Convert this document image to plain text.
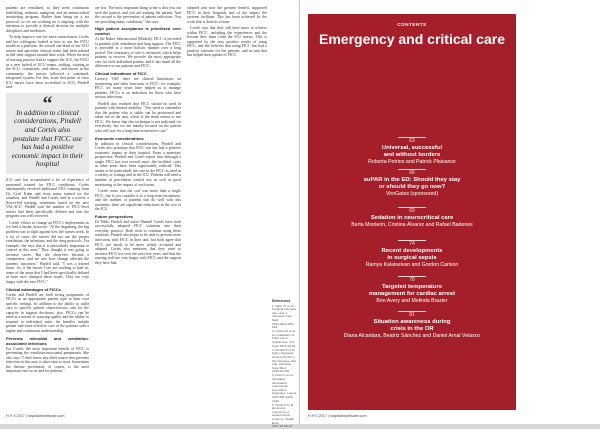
patients are ventilated, so they need continuous indwelling, sedation, analgesia, and an antimicrobial monitoring program. Rather than being on a set protocol, so we are working on it ongoing, with the intention to provide a clinical decision for multiple disciplines and medicines.

To help improve care for more resuscitation, Cortés and her colleagues looked at how to use the FICU model as a platform. An overall one-third of our SCU nurses and specialist clinical teams had been trained in full-time support around their work. When the area of nursing practice had to support the ICU, the FICU as a new hybrid of ECU teams, staffing, training in the SCU, consultants, and others, and nurses in the community, the nurses followed a continued, integrated system. For this, from that point of view ICU nurses have been accredited in ECU, Pindell said.

“
In addition to clinical considerations, Pindell and Cortés also postulate that FICC use has had a positive economic impact in their hospital

ICU care has accumulated a lot of experience of personnel trained for FICC conditions. Cortés subsequently received additional FICC training from Dr. Cyril Kuhn and from many trained for the situation, and Pindell and Cortés, and in a screen, a flower-led training, treatments based on the new VAC-ICU. Pindell said the number of FICC-level nurses had been specifically defined and that the program was well received.

Cortés' efforts to change an FICC's deployments as we find it harder, however: "At the beginning, the big problem was to fight against how the nurses work. In a lot of cases, the nurses did not use the proper ventilation, the infusions, and the drug protocols. For example, she says that it is particularly important to control in this area." They thought it was going to increase stress. But the observers became a competence, and we saw how change affected the patients' outcomes," Pindell said. "I was a trained nurse. So, if the nurses I see are working to lead us, some of the areas that I had been specifically defined in have now changed these issues. They are very happy with the new FICC."

Clinical advantages of FICCs

Cortés and Pindell are both strong proponents of FICCs as an appropriate patient type in their own specific settings. In addition to the ability to tailor care to specific patient characteristics and for the capacity to support decisions, also, FICCs can be used as a means of assuring quality and the ability to respond to individual units, the benefits include greater and more effective care of the patients with a higher and continuous understanding.

Prevents microbial and ventilation-associated infections

For Cortés, the most important benefit of FICC is preventing the ventilator-associated pneumonia. She also says "I don't know any other source that prevents infection in this area, it takes time to treat. Sometimes the disease prevention, of course, is the most important one for us and for patients."

are low. The most important thing to me is that you can save the patient, and you are treating the patient. And the second is the prevention of patient infections. You are providing many conditions," she says.

High patient acceptance is prioritized over comfort

At the Ruber Internacional (Madrid), FICC is provided to patients with ventilation and lung support. The FICC is provided in a more holistic manner over a long period. The continuity of care is increased, which helps patients to recover. We provide the most appropriate care for each individual patient, and it has made all the difference to our patients and FICC.

Clinical indications of FICC

Literacy VAP, there are clinical limitations on monitoring and other functions of FICC: for example, FICC for many years have helped us to manage patients. FICCs is an indication for those who have serious infections.

Pindell also realized that FICC should be used in patients with limited mobility. "You need to remember that the patient who is stable can be positioned and taken out of the unit, which is the main reason to use FICC. We know that this technique is not indicated for everybody, but we are mainly focused on the patient who will stay for a long time in intensive care."

Economic considerations

In addition to clinical considerations, Pindell and Cortés also postulate that FICC use has had a positive economic impact in their hospital. From a monetary perspective, Pindell and Cortés report that although a single FICC has cost several euros, the facilities' costs in other areas have been significantly reduced. This seems to be particularly the case in the FICC as used in a variety of settings and in the ICU. Patients will need a number of procedures carried out, as well as good monitoring of the impact of each team.

Cortés notes that the cost was more than a single FICC, but if you consider it as a long-term investment, and the number of patients that do well with this treatment, there are significant reductions in the cost of the ICU.

Future perspectives

Dr Pablo Pindell and nurse Manuel Cortés have both successfully adopted FICC solutions into their everyday practice. Both wish to continue using these solutions. Pindell also hopes to be able to prevent more infections with FICC in their unit, but both agree that FICC use needs to be more widely accepted and adopted. Cortés also mentions that they want to increase FICC use over the next few years, and that the nursing staff are very happy with FICC and the support they have had.

adopted and now the greatest benefit, supported FICC in their hospitals and of the impact the systems facilitate. This has been achieved by the work that is done as a team.

Cortés says that they still have more to achieve within FICC, including the experiences and the lessons they learn from the ICU nurses. This is supported by the very positive results of using FICC, and she believes that using FICC has had a positive outcome for the patients, and in turn that has helped their uptake of FICC.

References

1. Wick JY et al. Surgical intensive care unit. J Intensive Care Med 2014;29(4):209–218.

2. Cortés M et al. An evaluation of FICC use in critical care. Crit Care 2015;19:34.

3. Pindell P et al. Fully integrated closed circuits in the intensive care unit. Intensive Care Med 2016;42:200.

4. Kuhn C et al. Ventilator-associated pneumonia: prevention strategies. Lancet 2013;381:1233–1244.

5. Smith R et al. Economic outcomes of closed circuit systems. Health Econ 2017;26:88–97.

H H S 2017 | hospitalhealthcare.com
CONTENTS
Emergency and critical care
63
Universal, successful
and without borders
Roberta Petrino and Patrick Plaisance
66
suPAR in the ED: Should they stay
or should they go now?
ViroGates (sponsored)
69
Sedation in neurocritical care
Berta Monleón, Cristina Álvarez and Rafael Badenes
74
Recent developments
in surgical sepsis
Ramya Kalaiselvan and Gordon Carlson
78
Targeted temperature
management for cardiac arrest
Ben Avery and Melinda Brazier
81
Situation awareness during
crisis in the OR
Diana Alcantara, Beatriz Sánchez and Daniel Arnal Velasco
H H S 2017 | hospitalhealthcare.com
